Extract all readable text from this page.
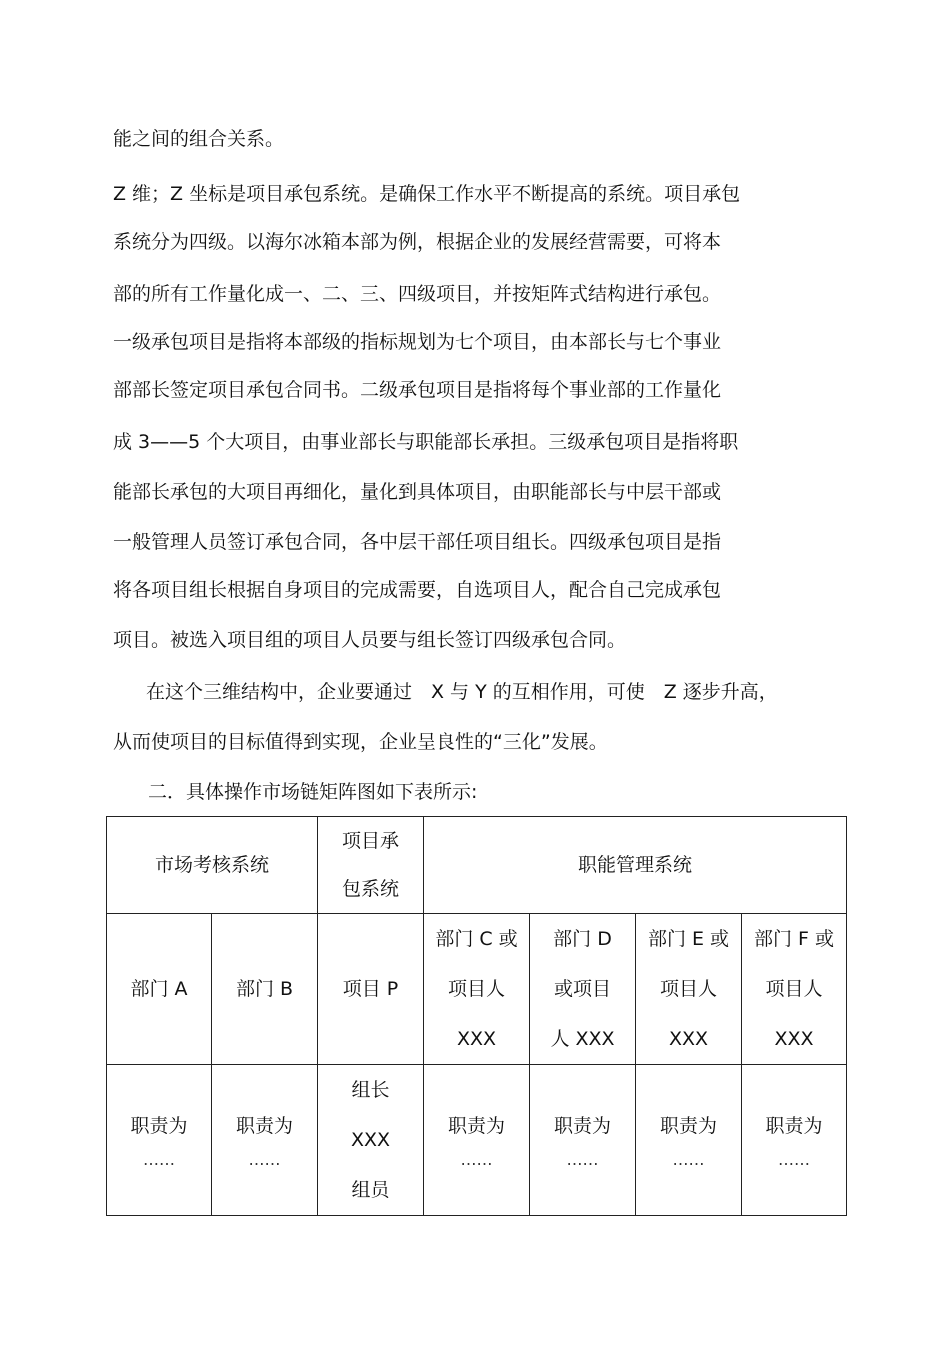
能之间的组合关系。
Z 维；Z 坐标是项目承包系统。是确保工作水平不断提高的系统。项目承包
系统分为四级。以海尔冰箱本部为例，根据企业的发展经营需要，可将本
部的所有工作量化成一、二、三、四级项目，并按矩阵式结构进行承包。
一级承包项目是指将本部级的指标规划为七个项目，由本部长与七个事业
部部长签定项目承包合同书。二级承包项目是指将每个事业部的工作量化
成 3——5 个大项目，由事业部长与职能部长承担。三级承包项目是指将职
能部长承包的大项目再细化，量化到具体项目，由职能部长与中层干部或
一般管理人员签订承包合同，各中层干部任项目组长。四级承包项目是指
将各项目组长根据自身项目的完成需要，自选项目人，配合自己完成承包
项目。被选入项目组的项目人员要与组长签订四级承包合同。
在这个三维结构中，企业要通过　X 与 Y 的互相作用，可使　Z 逐步升高，
从而使项目的目标值得到实现，企业呈良性的“三化”发展。
二．具体操作市场链矩阵图如下表所示:
市场考核系统		项目承
包系统	职能管理系统			
部门 A	部门 B	项目 P	部门 C 或
项目人
XXX	部门 D
或项目
人 XXX	部门 E 或
项目人
XXX	部门 F 或
项目人
XXX

职责为
……	职责为
……	组长
XXX
组员	职责为
……	职责为
……	职责为
……	职责为
……
